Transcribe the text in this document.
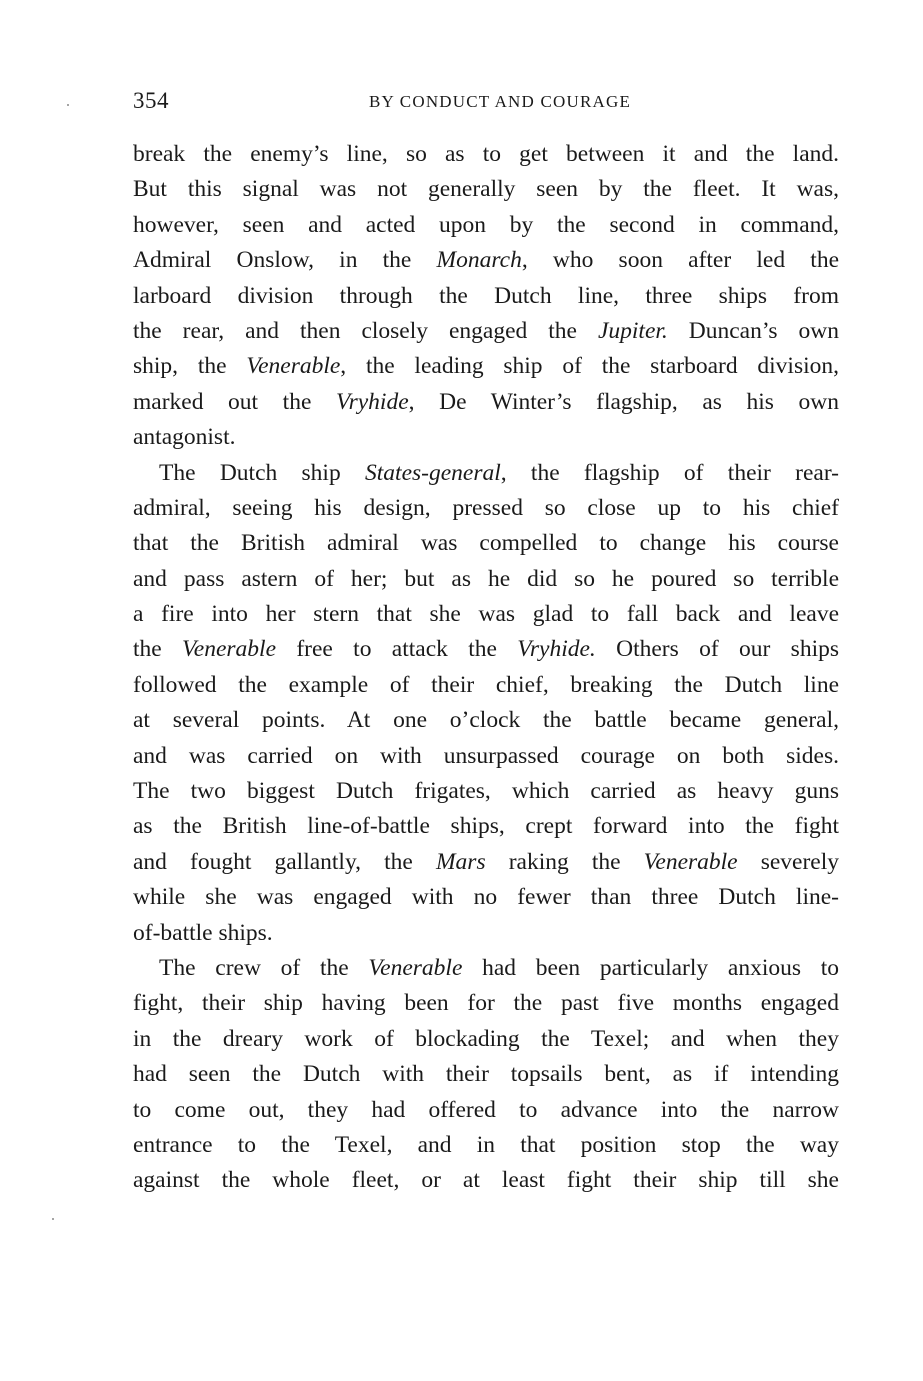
354	BY CONDUCT AND COURAGE
break the enemy’s line, so as to get between it and the land.
But this signal was not generally seen by the fleet. It was,
however, seen and acted upon by the second in command,
Admiral Onslow, in the Monarch, who soon after led the
larboard division through the Dutch line, three ships from
the rear, and then closely engaged the Jupiter. Duncan’s own
ship, the Venerable, the leading ship of the starboard division,
marked out the Vryhide, De Winter’s flagship, as his own
antagonist.
The Dutch ship States-general, the flagship of their rear-
admiral, seeing his design, pressed so close up to his chief
that the British admiral was compelled to change his course
and pass astern of her; but as he did so he poured so terrible
a fire into her stern that she was glad to fall back and leave
the Venerable free to attack the Vryhide. Others of our ships
followed the example of their chief, breaking the Dutch line
at several points. At one o’clock the battle became general,
and was carried on with unsurpassed courage on both sides.
The two biggest Dutch frigates, which carried as heavy guns
as the British line-of-battle ships, crept forward into the fight
and fought gallantly, the Mars raking the Venerable severely
while she was engaged with no fewer than three Dutch line-
of-battle ships.
The crew of the Venerable had been particularly anxious to
fight, their ship having been for the past five months engaged
in the dreary work of blockading the Texel; and when they
had seen the Dutch with their topsails bent, as if intending
to come out, they had offered to advance into the narrow
entrance to the Texel, and in that position stop the way
against the whole fleet, or at least fight their ship till she
